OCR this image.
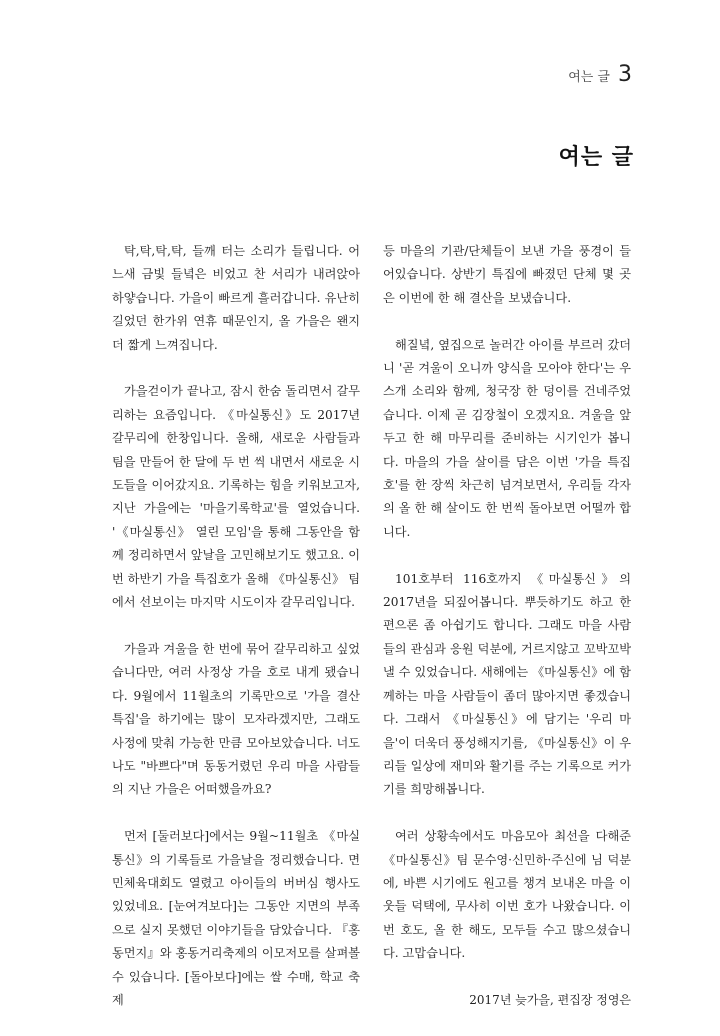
여는 글 3
여는 글

탁,탁,탁,탁, 들깨 터는 소리가 들립니다. 어느새 금빛 들녘은 비었고 찬 서리가 내려앉아 하얗습니다. 가을이 빠르게 흘러갑니다. 유난히 길었던 한가위 연휴 때문인지, 올 가을은 왠지 더 짧게 느껴집니다.

가을걷이가 끝나고, 잠시 한숨 돌리면서 갈무리하는 요즘입니다. 《마실통신》도 2017년 갈무리에 한창입니다. 올해, 새로운 사람들과 팀을 만들어 한 달에 두 번 씩 내면서 새로운 시도들을 이어갔지요. 기록하는 힘을 키워보고자, 지난 가을에는 '마을기록학교'를 열었습니다. '《마실통신》 열린 모임'을 통해 그동안을 함께 정리하면서 앞날을 고민해보기도 했고요. 이번 하반기 가을 특집호가 올해 《마실통신》 팀에서 선보이는 마지막 시도이자 갈무리입니다.

가을과 겨울을 한 번에 묶어 갈무리하고 싶었습니다만, 여러 사정상 가을 호로 내게 됐습니다. 9월에서 11월초의 기록만으로 '가을 결산 특집'을 하기에는 많이 모자라겠지만, 그래도 사정에 맞춰 가능한 만큼 모아보았습니다. 너도나도 "바쁘다"며 동동거렸던 우리 마을 사람들의 지난 가을은 어떠했을까요?

먼저 [둘러보다]에서는 9월~11월초 《마실통신》의 기록들로 가을날을 정리했습니다. 면민체육대회도 열렸고 아이들의 버버심 행사도 있었네요. [눈여겨보다]는 그동안 지면의 부족으로 실지 못했던 이야기들을 담았습니다. 『홍동먼지』와 홍동거리축제의 이모저모를 살펴볼 수 있습니다. [돌아보다]에는 쌀 수매, 학교 축제

등 마을의 기관/단체들이 보낸 가을 풍경이 들어있습니다. 상반기 특집에 빠졌던 단체 몇 곳은 이번에 한 해 결산을 보냈습니다.

해질녘, 옆집으로 놀러간 아이를 부르러 갔더니 '곧 겨울이 오니까 양식을 모아야 한다'는 우스개 소리와 함께, 청국장 한 덩이를 건네주었습니다. 이제 곧 김장철이 오겠지요. 겨울을 앞두고 한 해 마무리를 준비하는 시기인가 봅니다. 마을의 가을 살이를 담은 이번 '가을 특집호'를 한 장씩 차근히 넘겨보면서, 우리들 각자의 올 한 해 살이도 한 번씩 돌아보면 어떨까 합니다.

101호부터 116호까지 《마실통신》의 2017년을 되짚어봅니다. 뿌듯하기도 하고 한편으론 좀 아쉽기도 합니다. 그래도 마을 사람들의 관심과 응원 덕분에, 거르지않고 꼬박꼬박 낼 수 있었습니다. 새해에는 《마실통신》에 함께하는 마을 사람들이 좀더 많아지면 좋겠습니다. 그래서 《마실통신》에 담기는 '우리 마을'이 더욱더 풍성해지기를, 《마실통신》이 우리들 일상에 재미와 활기를 주는 기록으로 커가기를 희망해봅니다.

여러 상황속에서도 마음모아 최선을 다해준 《마실통신》팀 문수영·신민하·주신에 님 덕분에, 바쁜 시기에도 원고를 챙겨 보내온 마을 이웃들 덕택에, 무사히 이번 호가 나왔습니다. 이번 호도, 올 한 해도, 모두들 수고 많으셨습니다. 고맙습니다.

2017년 늦가을, 편집장 정영은
